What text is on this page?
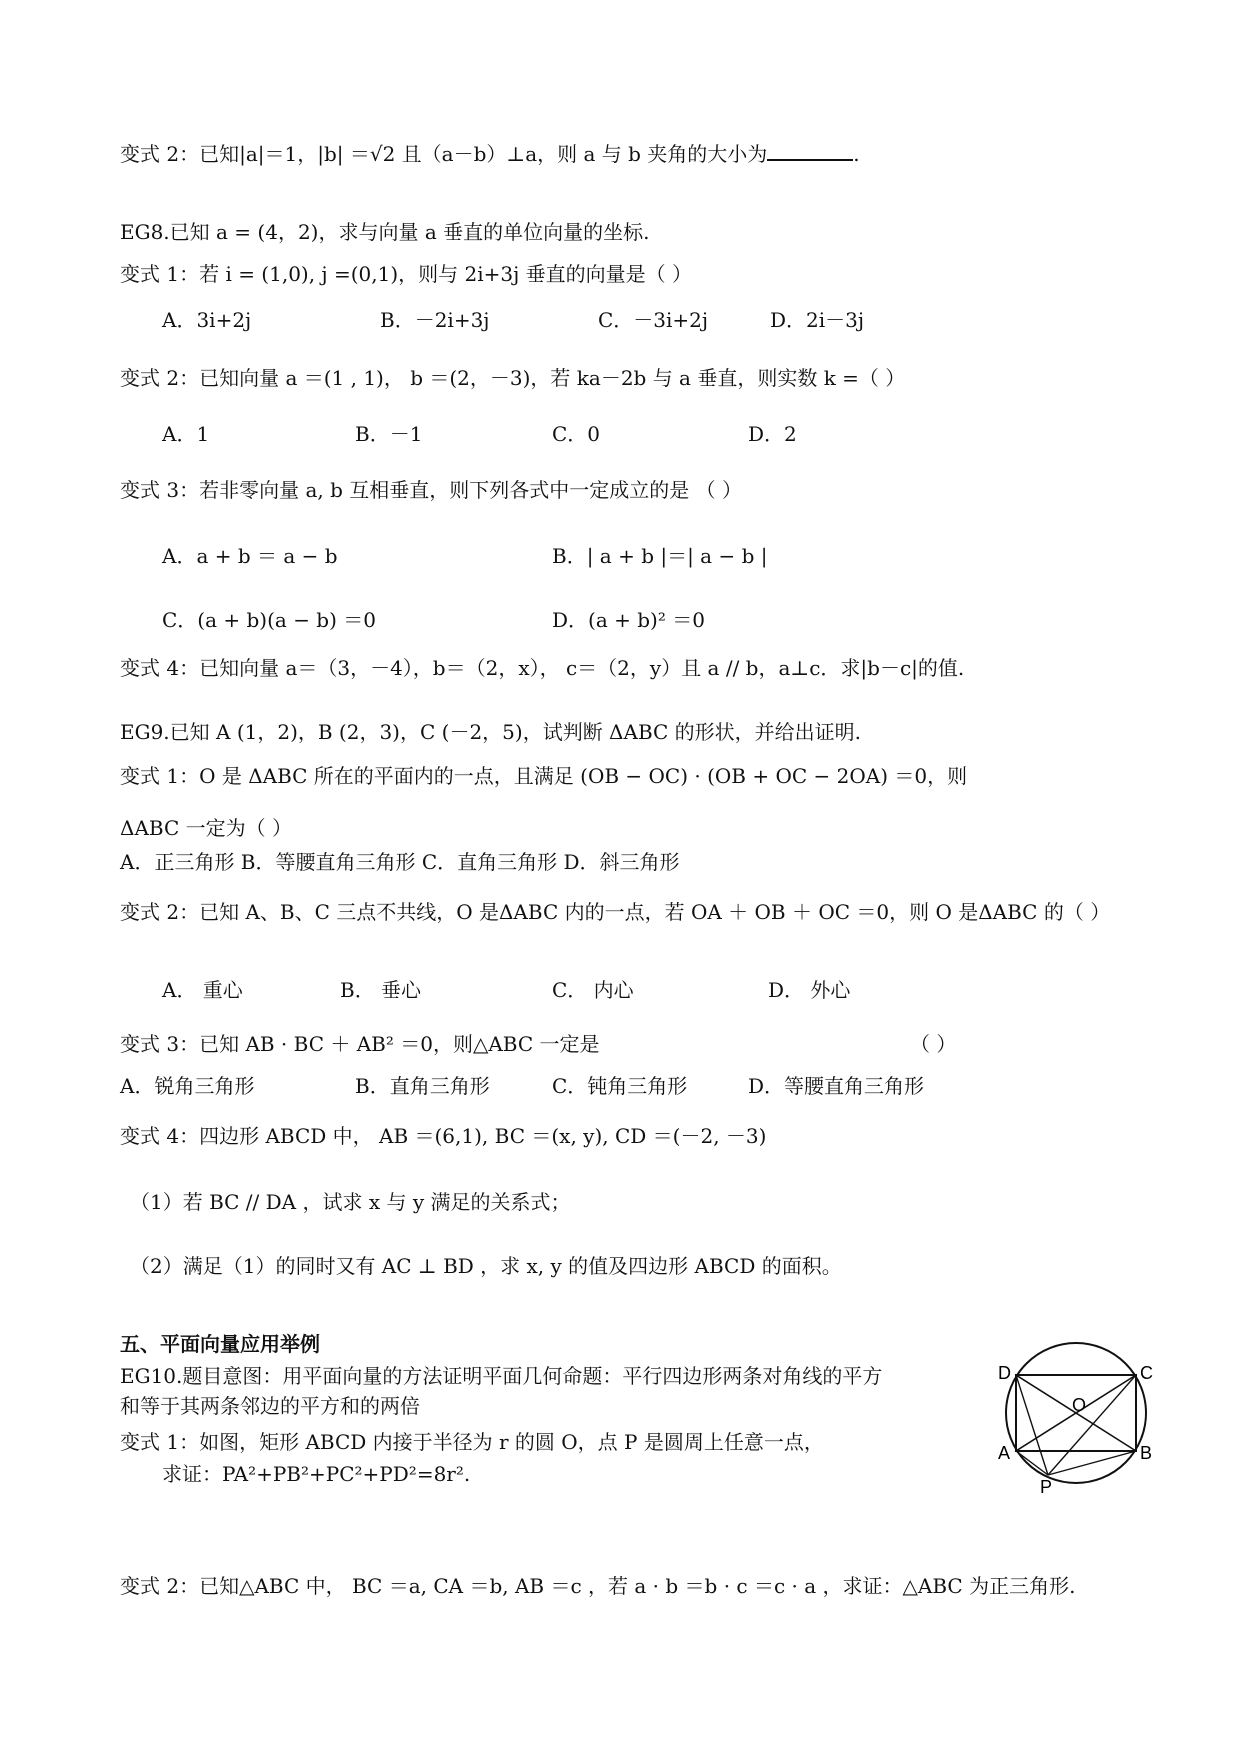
变式 2：已知|a|＝1，|b| ＝√2 且（a－b）⊥a，则 a 与 b 夹角的大小为	.
EG8.已知 a = (4，2)，求与向量 a 垂直的单位向量的坐标.
变式 1：若 i = (1,0), j =(0,1)，则与 2i+3j 垂直的向量是（ ）
A．3i+2j	B．－2i+3j	C．－3i+2j	D．2i－3j
变式 2：已知向量 a ＝(1 , 1)， b ＝(2，－3)，若 ka－2b 与 a 垂直，则实数 k =（ ）
A．1	B．－1	C．0	D．2
变式 3：若非零向量 a, b 互相垂直，则下列各式中一定成立的是 （ ）
A．a + b ＝ a − b	B．| a + b |＝| a − b |
C．(a + b)(a − b) ＝0	D．(a + b)² ＝0
变式 4：已知向量 a＝（3，－4），b＝（2，x）， c＝（2，y）且 a // b，a⊥c．求|b－c|的值.
EG9.已知 A (1，2)，B (2，3)，C (－2，5)，试判断 ΔABC 的形状，并给出证明.
变式 1：O 是 ΔABC 所在的平面内的一点，且满足 (OB − OC) · (OB + OC − 2OA) ＝0，则
ΔABC 一定为（ ）
A．正三角形 B．等腰直角三角形 C．直角三角形 D．斜三角形
变式 2：已知 A、B、C 三点不共线，O 是ΔABC 内的一点，若 OA ＋ OB ＋ OC ＝0，则 O 是ΔABC 的（ ）
A． 重心	B． 垂心	C． 内心	D． 外心
变式 3：已知 AB · BC ＋ AB² ＝0，则△ABC 一定是	（ ）
A．锐角三角形	B．直角三角形	C．钝角三角形	D．等腰直角三角形
变式 4：四边形 ABCD 中， AB ＝(6,1), BC ＝(x, y), CD ＝(－2, －3)
（1）若 BC // DA ，试求 x 与 y 满足的关系式；
（2）满足（1）的同时又有 AC ⊥ BD ，求 x, y 的值及四边形 ABCD 的面积。
五、平面向量应用举例
EG10.题目意图：用平面向量的方法证明平面几何命题：平行四边形两条对角线的平方
和等于其两条邻边的平方和的两倍
变式 1：如图，矩形 ABCD 内接于半径为 r 的圆 O，点 P 是圆周上任意一点，
求证：PA²+PB²+PC²+PD²=8r².
变式 2：已知△ABC 中， BC ＝a, CA ＝b, AB ＝c ，若 a · b ＝b · c ＝c · a ，求证：△ABC 为正三角形.
D	C
O
A	B
P
